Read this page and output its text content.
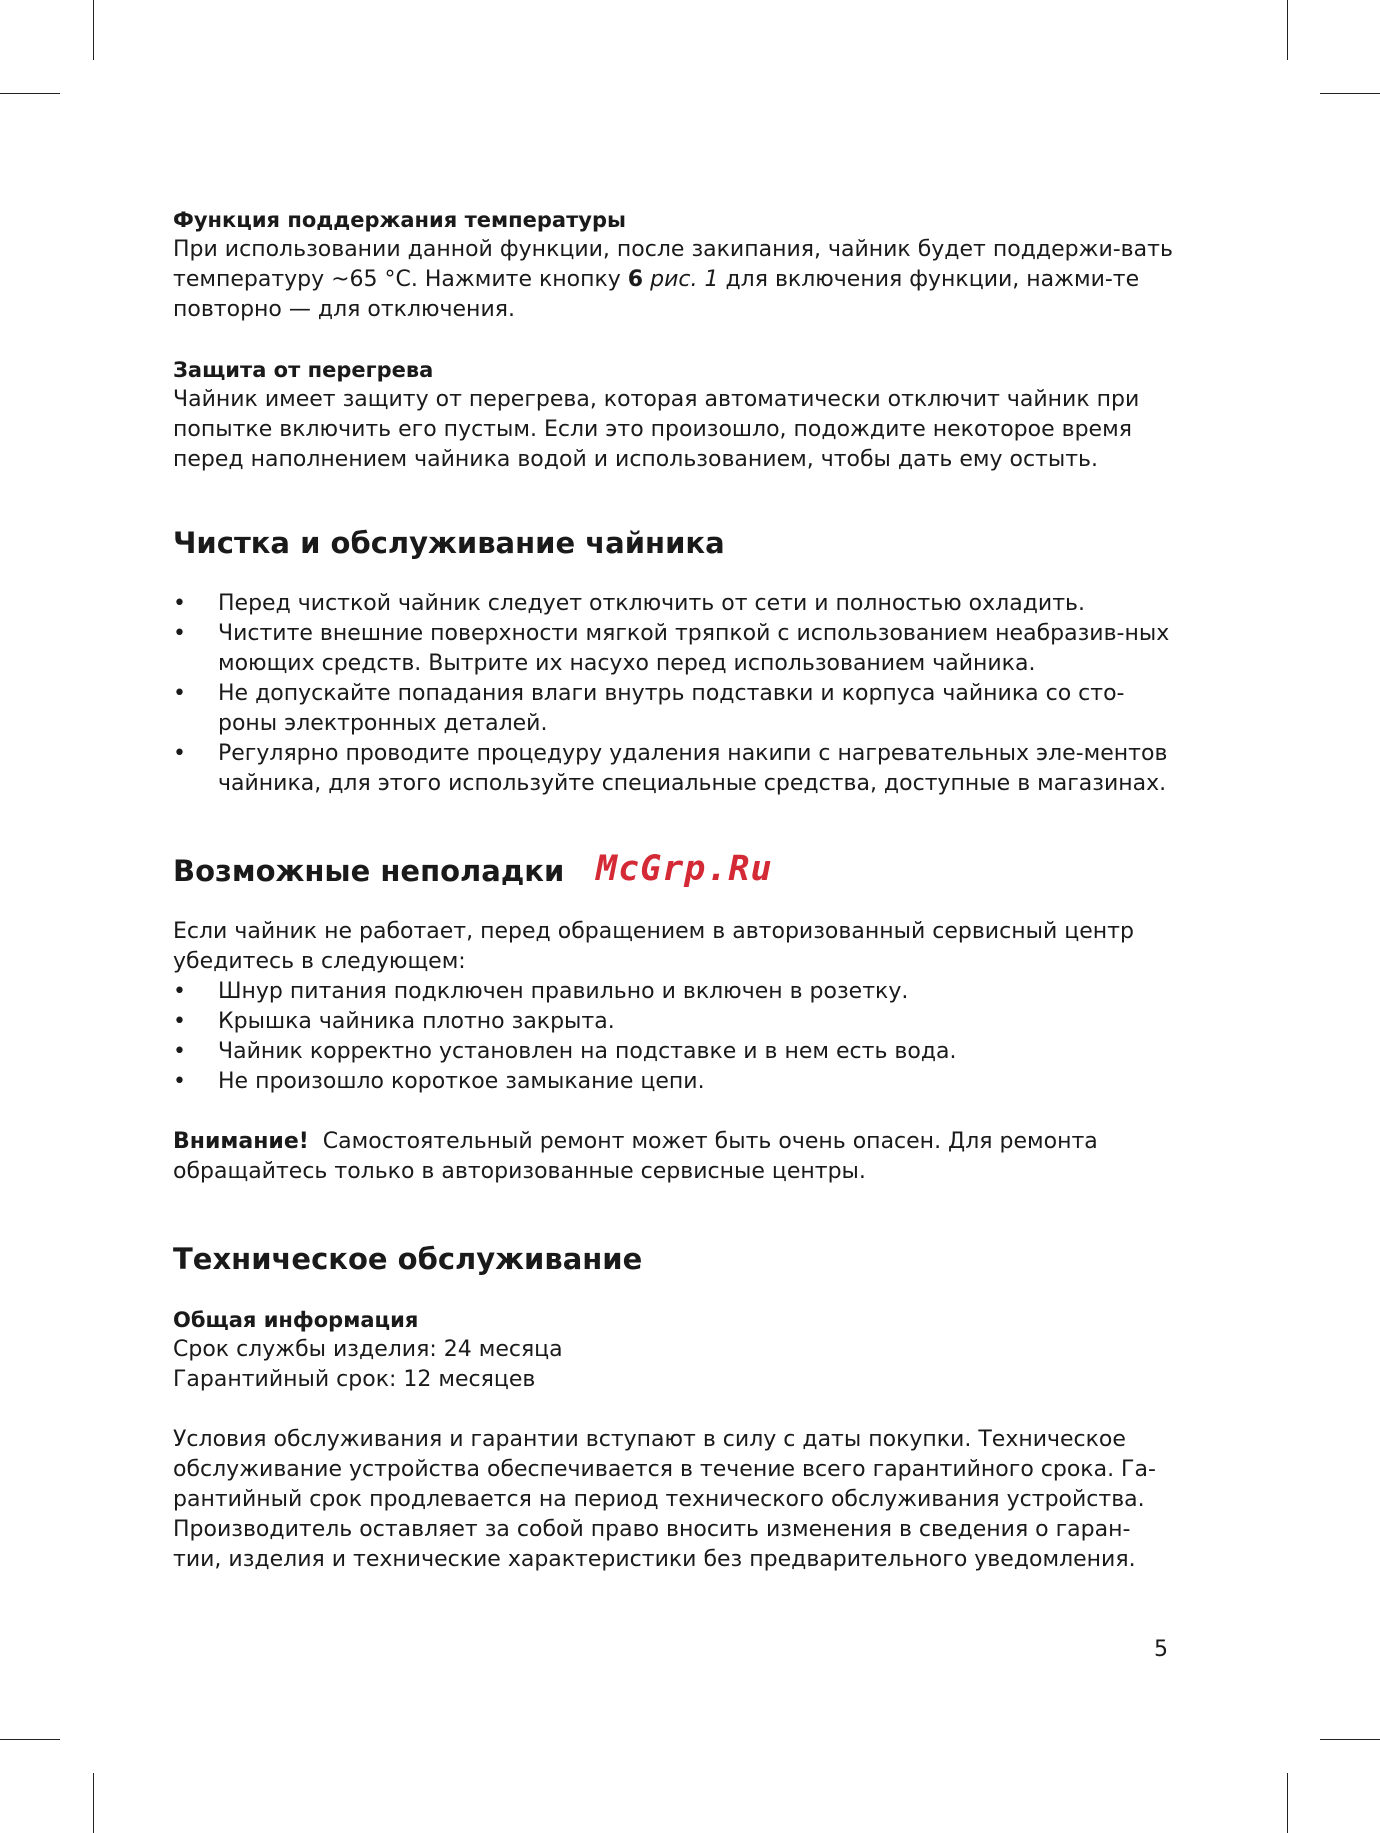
Функция поддержания температуры

При использовании данной функции, после закипания, чайник будет поддержи-вать температуру ~65 °С. Нажмите кнопку 6 рис. 1 для включения функции, нажми-те повторно — для отключения.

Защита от перегрева

Чайник имеет защиту от перегрева, которая автоматически отключит чайник при попытке включить его пустым. Если это произошло, подождите некоторое время перед наполнением чайника водой и использованием, чтобы дать ему остыть.

Чистка и обслуживание чайника
• Перед чисткой чайник следует отключить от сети и полностью охладить.
• Чистите внешние поверхности мягкой тряпкой с использованием неабразив-ных моющих средств. Вытрите их насухо перед использованием чайника.
• Не допускайте попадания влаги внутрь подставки и корпуса чайника со сто-роны электронных деталей.
• Регулярно проводите процедуру удаления накипи с нагревательных эле-ментов чайника, для этого используйте специальные средства, доступные в магазинах.
Возможные неполадки McGrp.Ru

Если чайник не работает, перед обращением в авторизованный сервисный центр убедитесь в следующем:

• Шнур питания подключен правильно и включен в розетку.
• Крышка чайника плотно закрыта.
• Чайник корректно установлен на подставке и в нем есть вода.
• Не произошло короткое замыкание цепи.

Внимание! Самостоятельный ремонт может быть очень опасен. Для ремонта обращайтесь только в авторизованные сервисные центры.

Техническое обслуживание

Общая информация

Срок службы изделия: 24 месяца

Гарантийный срок: 12 месяцев

Условия обслуживания и гарантии вступают в силу с даты покупки. Техническое обслуживание устройства обеспечивается в течение всего гарантийного срока. Га-рантийный срок продлевается на период технического обслуживания устройства. Производитель оставляет за собой право вносить изменения в сведения о гаран-тии, изделия и технические характеристики без предварительного уведомления.

5
